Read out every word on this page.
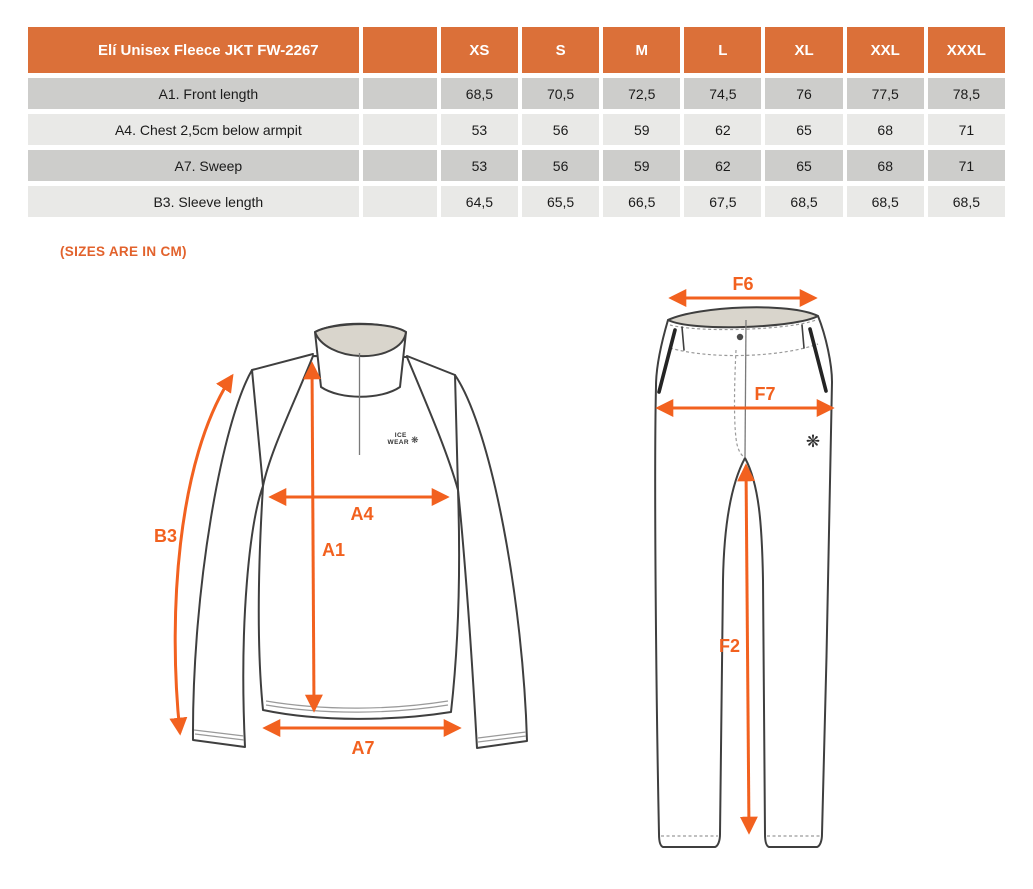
Elí Unisex Fleece JKT FW-2267		XS	S	M	L	XL	XXL	XXXL
A1. Front length		68,5	70,5	72,5	74,5	76	77,5	78,5
A4. Chest 2,5cm below armpit		53	56	59	62	65	68	71
A7. Sweep		53	56	59	62	65	68	71
B3. Sleeve length		64,5	65,5	66,5	67,5	68,5	68,5	68,5
(SIZES ARE IN CM)
ICE WEAR ❋
B3
A1
A4
A7
❋
F6
F7
F2
